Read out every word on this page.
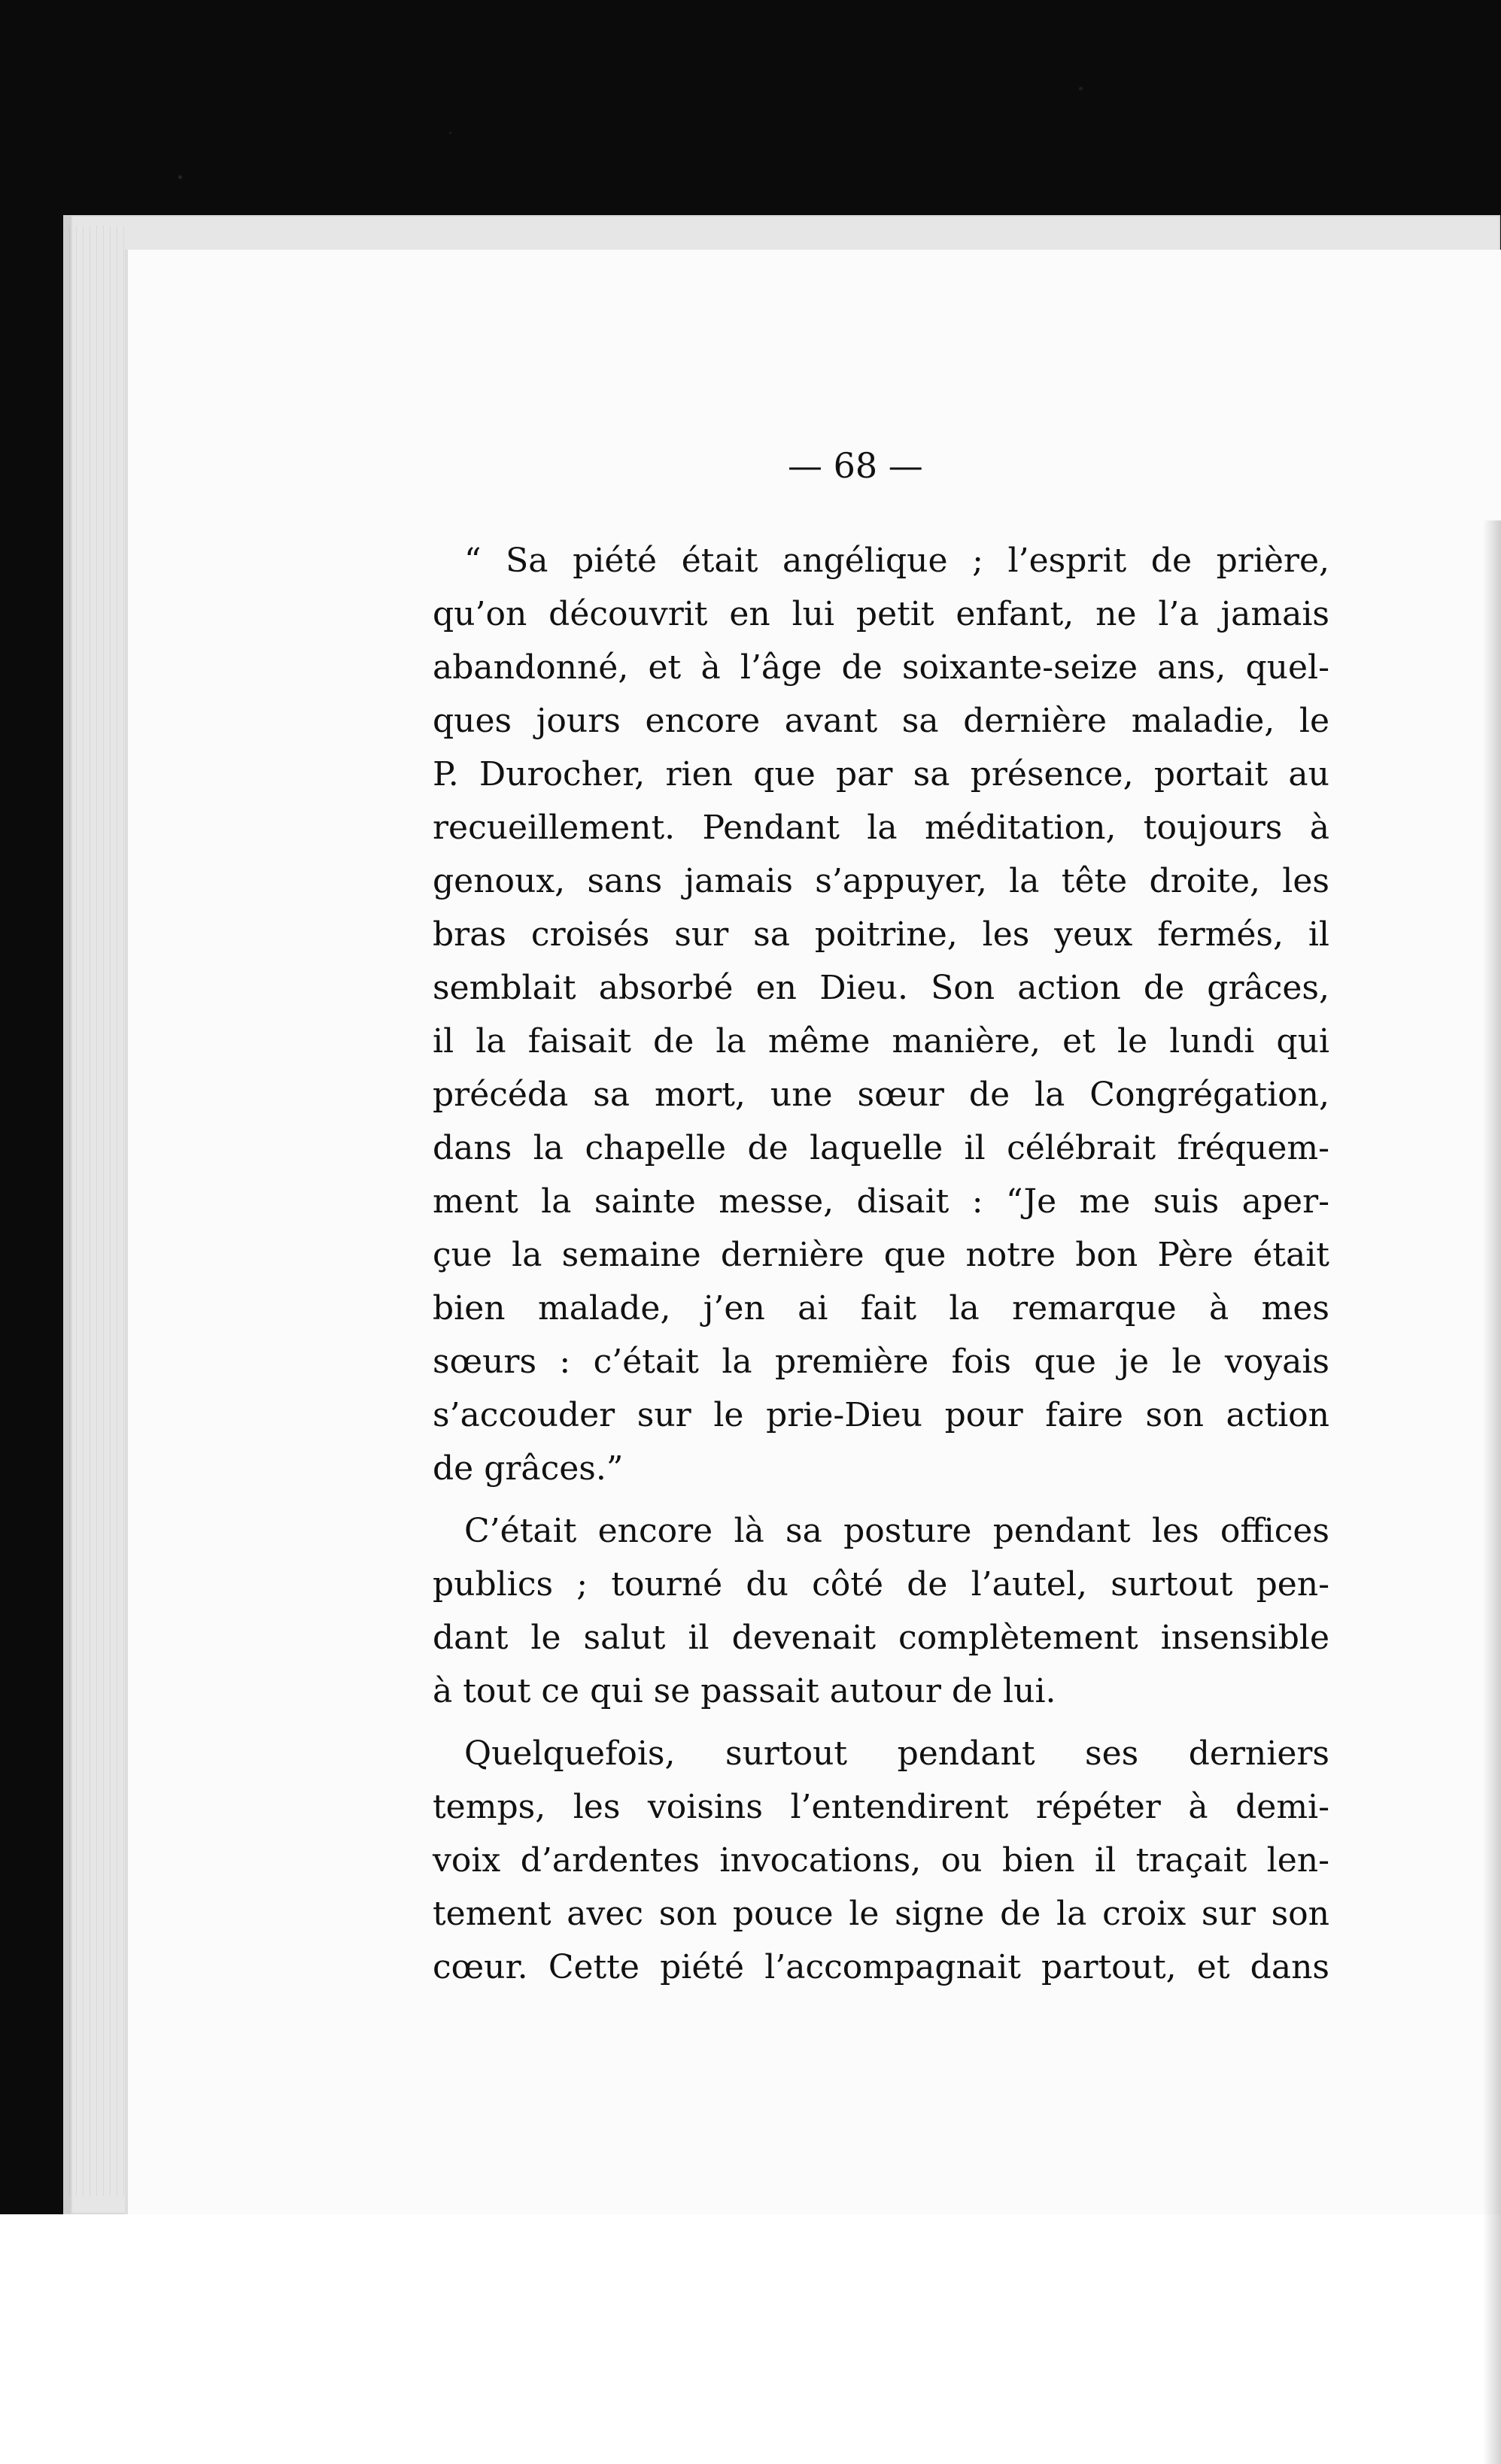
— 68 —
“ Sa piété était angélique ; l’esprit de prière,
qu’on découvrit en lui petit enfant, ne l’a jamais
abandonné, et à l’âge de soixante-seize ans, quel-
ques jours encore avant sa dernière maladie, le
P. Durocher, rien que par sa présence, portait au
recueillement. Pendant la méditation, toujours à
genoux, sans jamais s’appuyer, la tête droite, les
bras croisés sur sa poitrine, les yeux fermés, il
semblait absorbé en Dieu. Son action de grâces,
il la faisait de la même manière, et le lundi qui
précéda sa mort, une sœur de la Congrégation,
dans la chapelle de laquelle il célébrait fréquem-
ment la sainte messe, disait : “Je me suis aper-
çue la semaine dernière que notre bon Père était
bien malade, j’en ai fait la remarque à mes
sœurs : c’était la première fois que je le voyais
s’accouder sur le prie-Dieu pour faire son action
de grâces.”
C’était encore là sa posture pendant les offices
publics ; tourné du côté de l’autel, surtout pen-
dant le salut il devenait complètement insensible
à tout ce qui se passait autour de lui.
Quelquefois, surtout pendant ses derniers
temps, les voisins l’entendirent répéter à demi-
voix d’ardentes invocations, ou bien il traçait len-
tement avec son pouce le signe de la croix sur son
cœur. Cette piété l’accompagnait partout, et dans
